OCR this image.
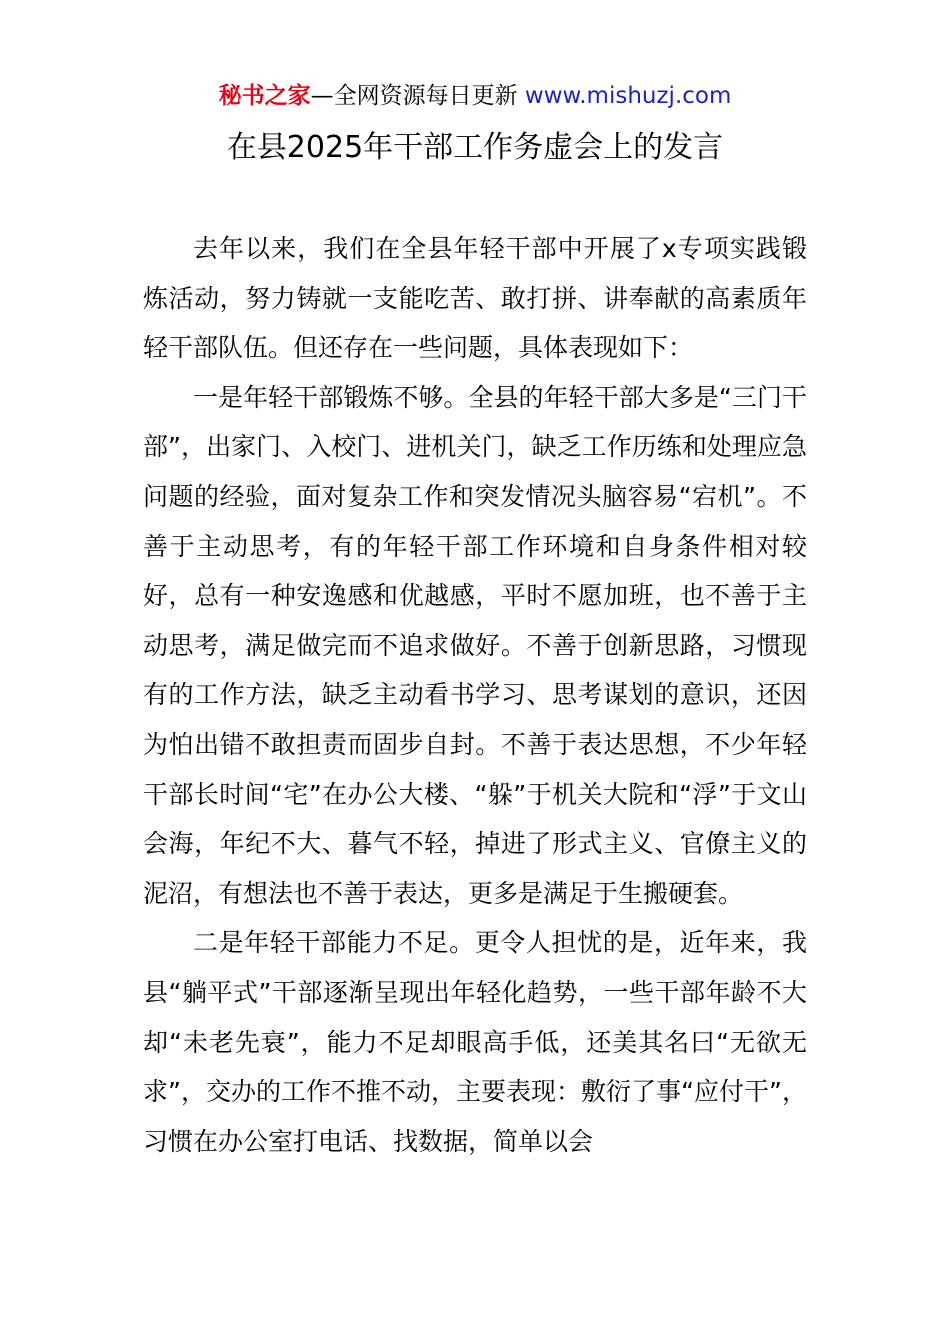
秘书之家—全网资源每日更新 www.mishuzj.com
在县2025年干部工作务虚会上的发言

去年以来，我们在全县年轻干部中开展了x专项实践锻炼活动，努力铸就一支能吃苦、敢打拼、讲奉献的高素质年轻干部队伍。但还存在一些问题，具体表现如下：

一是年轻干部锻炼不够。全县的年轻干部大多是“三门干部”，出家门、入校门、进机关门，缺乏工作历练和处理应急问题的经验，面对复杂工作和突发情况头脑容易“宕机”。不善于主动思考，有的年轻干部工作环境和自身条件相对较好，总有一种安逸感和优越感，平时不愿加班，也不善于主动思考，满足做完而不追求做好。不善于创新思路，习惯现有的工作方法，缺乏主动看书学习、思考谋划的意识，还因为怕出错不敢担责而固步自封。不善于表达思想，不少年轻干部长时间“宅”在办公大楼、“躲”于机关大院和“浮”于文山会海，年纪不大、暮气不轻，掉进了形式主义、官僚主义的泥沼，有想法也不善于表达，更多是满足于生搬硬套。

二是年轻干部能力不足。更令人担忧的是，近年来，我县“躺平式”干部逐渐呈现出年轻化趋势，一些干部年龄不大却“未老先衰”，能力不足却眼高手低，还美其名曰“无欲无求”，交办的工作不推不动，主要表现：敷衍了事“应付干”，习惯在办公室打电话、找数据，简单以会
